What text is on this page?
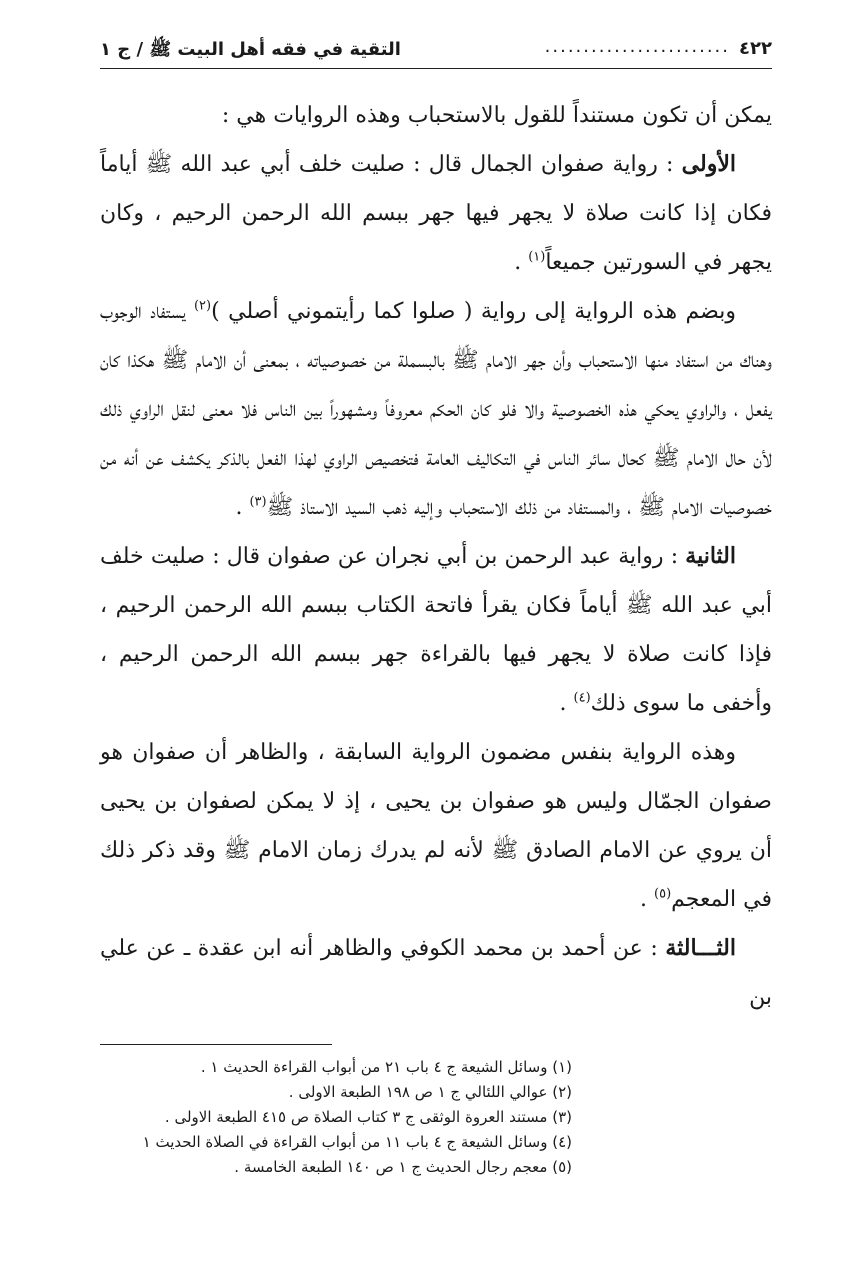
٤٢٢
........................
التقية في فقه أهل البيت ﷺ / ج ١

يمكن أن تكون مستنداً للقول بالاستحباب وهذه الروايات هي :

الأولى : رواية صفوان الجمال قال : صليت خلف أبي عبد الله ﷺ أياماً فكان إذا كانت صلاة لا يجهر فيها جهر ببسم الله الرحمن الرحيم ، وكان يجهر في السورتين جميعاً$^{(١)}$ .

وبضم هذه الرواية إلى رواية ( صلوا كما رأيتموني أصلي )$^{(٢)}$ يستفاد الوجوب وهناك من استفاد منها الاستحباب وأن جهر الامام ﷺ بالبسملة من خصوصياته ، بمعنى أن الامام ﷺ هكذا كان يفعل ، والراوي يحكي هذه الخصوصية والا فلو كان الحكم معروفاً ومشهوراً بين الناس فلا معنى لنقل الراوي ذلك لأن حال الامام ﷺ كحال سائر الناس في التكاليف العامة فتخصيص الراوي لهذا الفعل بالذكر يكشف عن أنه من خصوصيات الامام ﷺ ، والمستفاد من ذلك الاستحباب وإليه ذهب السيد الاستاذ ﷺ$^{(٣)}$ .

الثانية : رواية عبد الرحمن بن أبي نجران عن صفوان قال : صليت خلف أبي عبد الله ﷺ أياماً فكان يقرأ فاتحة الكتاب ببسم الله الرحمن الرحيم ، فإذا كانت صلاة لا يجهر فيها بالقراءة جهر ببسم الله الرحمن الرحيم ، وأخفى ما سوى ذلك$^{(٤)}$ .

وهذه الرواية بنفس مضمون الرواية السابقة ، والظاهر أن صفوان هو صفوان الجمّال وليس هو صفوان بن يحيى ، إذ لا يمكن لصفوان بن يحيى أن يروي عن الامام الصادق ﷺ لأنه لم يدرك زمان الامام ﷺ وقد ذكر ذلك في المعجم$^{(٥)}$ .

الثـــالثة : عن أحمد بن محمد الكوفي والظاهر أنه ابن عقدة ـ عن علي بن

(١) وسائل الشيعة ج ٤ باب ٢١ من أبواب القراءة الحديث ١ .
(٢) عوالي اللئالي ج ١ ص ١٩٨ الطبعة الاولى .
(٣) مستند العروة الوثقى ج ٣ كتاب الصلاة ص ٤١٥ الطبعة الاولى .
(٤) وسائل الشيعة ج ٤ باب ١١ من أبواب القراءة في الصلاة الحديث ١
(٥) معجم رجال الحديث ج ١ ص ١٤٠ الطبعة الخامسة .
